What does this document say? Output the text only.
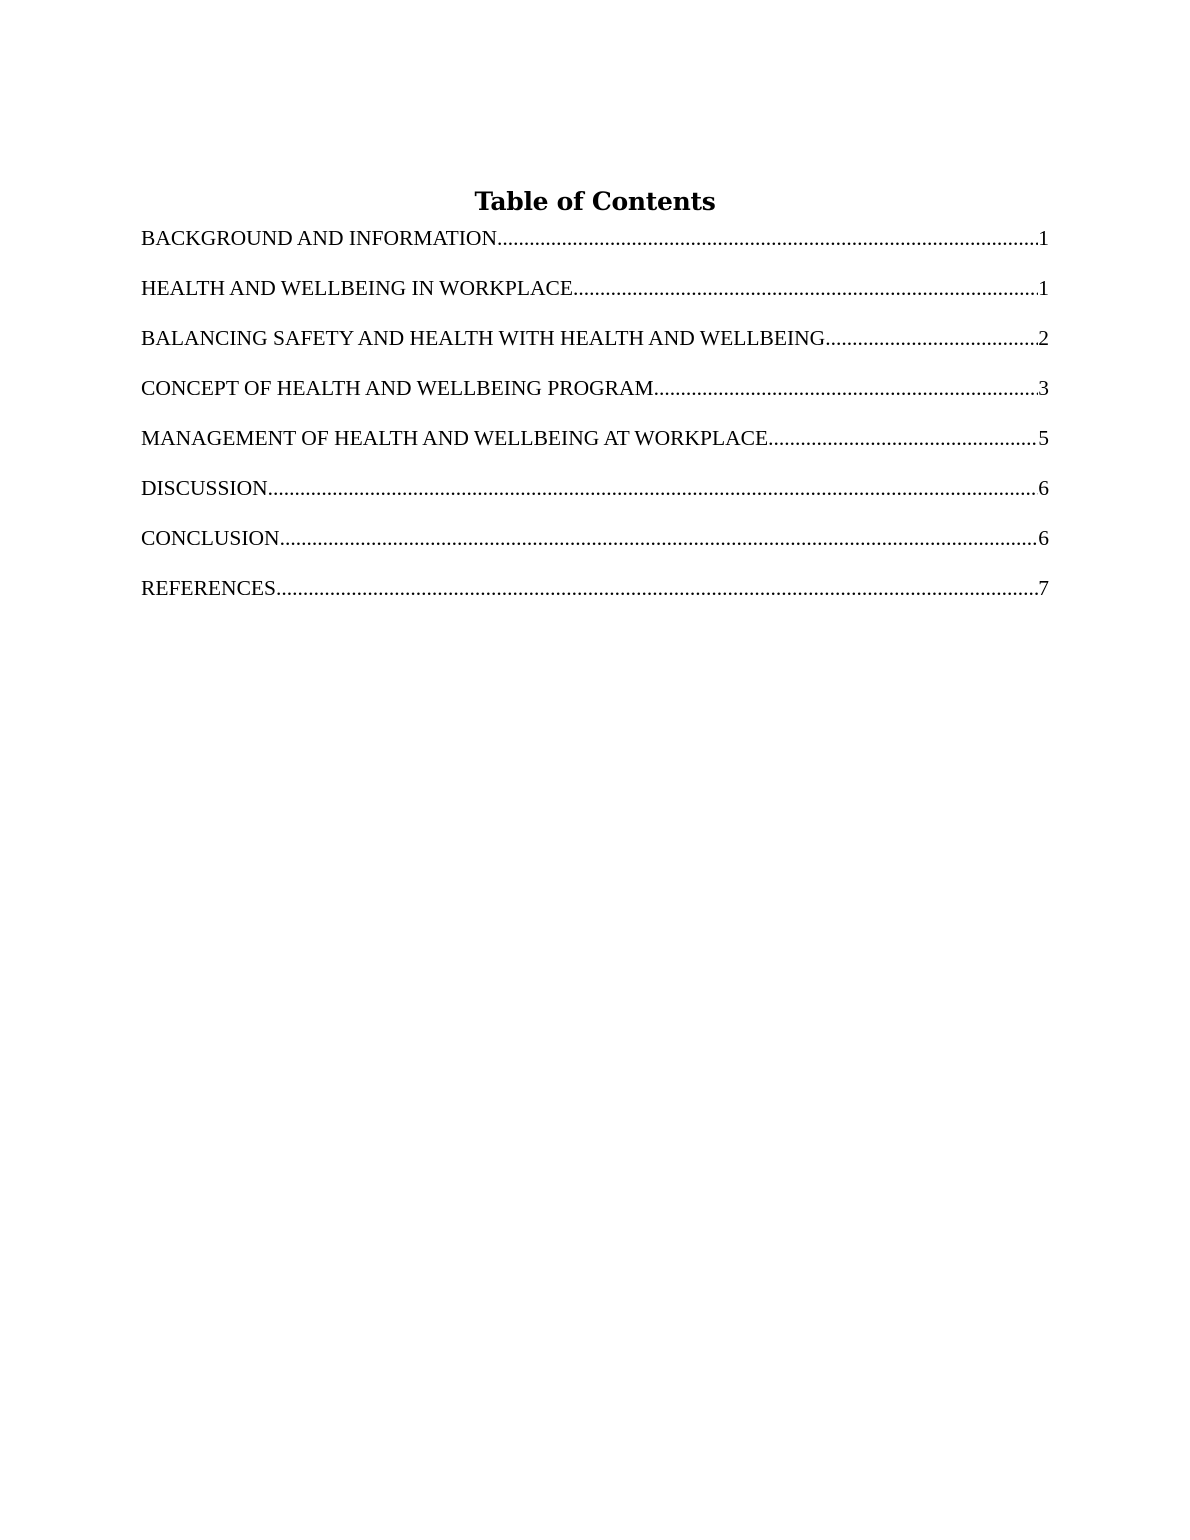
Table of Contents
BACKGROUND AND INFORMATION .....	1
HEALTH AND WELLBEING IN WORKPLACE .....	1
BALANCING SAFETY AND HEALTH WITH HEALTH AND WELLBEING .....	2
CONCEPT OF HEALTH AND WELLBEING PROGRAM .....	3
MANAGEMENT OF HEALTH AND WELLBEING AT WORKPLACE .....	5
DISCUSSION .....	6
CONCLUSION .....	6
REFERENCES .....	7
